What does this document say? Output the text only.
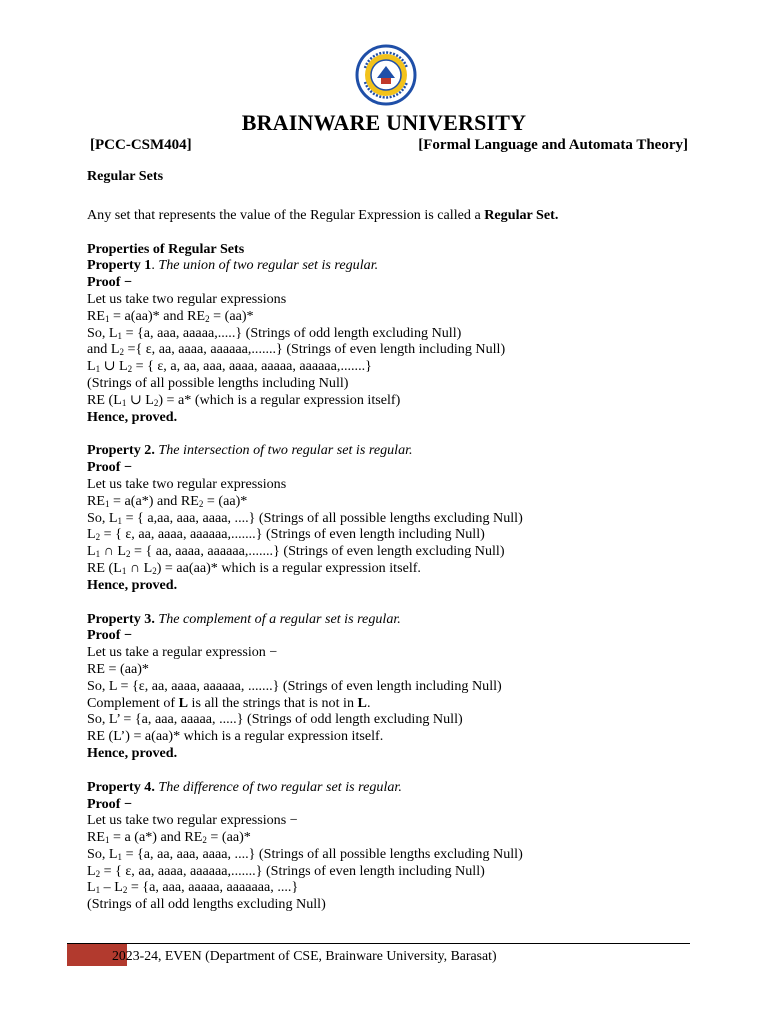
BRAINWARE UNIVERSITY
[PCC-CSM404]	[Formal Language and Automata Theory]

Regular Sets

Any set that represents the value of the Regular Expression is called a Regular Set.

Properties of Regular Sets

Property 1. The union of two regular set is regular.

Proof −

Let us take two regular expressions

$RE_1 = a(aa)*$ and $RE_2 = (aa)*$

So, $L_1 = \{a$, aaa, aaaaa,.....} (Strings of odd length excluding Null)

and $L_2$ ={ ε, aa, aaaa, aaaaaa,.......} (Strings of even length including Null)

$L_1$ ∪ $L_2$ = { ε, a, aa, aaa, aaaa, aaaaa, aaaaaa,.......}

(Strings of all possible lengths including Null)

RE ($L_1$ ∪ $L_2) = a*$ (which is a regular expression itself)

Hence, proved.

Property 2. The intersection of two regular set is regular.

Proof −

Let us take two regular expressions

$RE_1 = a(a*)$ and $RE_2 = (aa)*$

So, $L_1$ = { a,aa, aaa, aaaa, ....} (Strings of all possible lengths excluding Null)

$L_2$ = { ε, aa, aaaa, aaaaaa,.......} (Strings of even length including Null)

$L_1$ ∩ $L_2$ = { aa, aaaa, aaaaaa,.......} (Strings of even length excluding Null)

RE ($L_1$ ∩ $L_2) = aa(aa)*$ which is a regular expression itself.

Hence, proved.

Property 3. The complement of a regular set is regular.

Proof −

Let us take a regular expression −

RE = (aa)*

So, L = {ε, aa, aaaa, aaaaaa, .......} (Strings of even length including Null)

Complement of L is all the strings that is not in L.

So, L’ = {a, aaa, aaaaa, .....} (Strings of odd length excluding Null)

RE (L’) = a(aa)* which is a regular expression itself.

Hence, proved.

Property 4. The difference of two regular set is regular.

Proof −

Let us take two regular expressions −

$RE_1 = a$ (a*) and $RE_2 = (aa)*$

So, $L_1 = \{a$, aa, aaa, aaaa, ....} (Strings of all possible lengths excluding Null)

$L_2$ = { ε, aa, aaaa, aaaaaa,.......} (Strings of even length including Null)

$L_1 - L_2 = \{a$, aaa, aaaaa, aaaaaaa, ....}

(Strings of all odd lengths excluding Null)

2023-24, EVEN (Department of CSE, Brainware University, Barasat)
